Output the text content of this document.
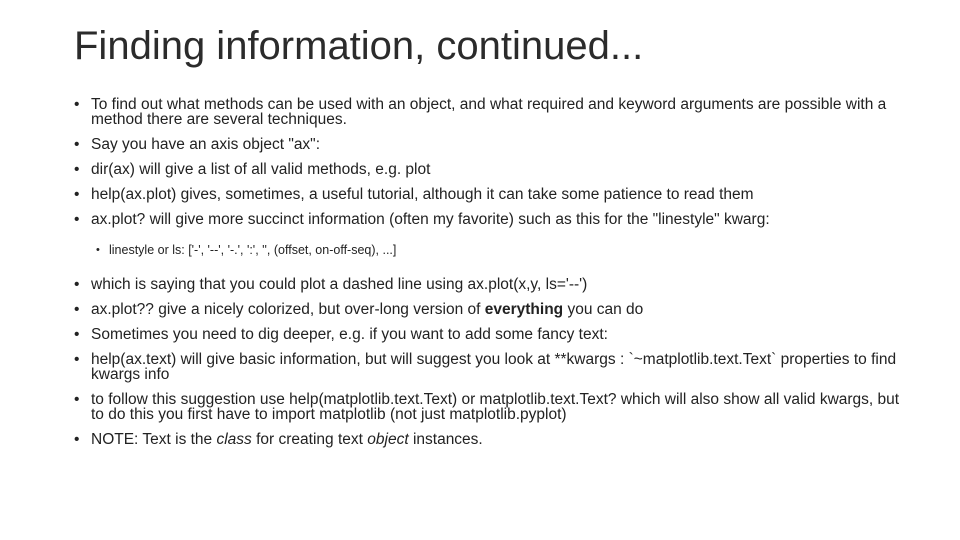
Finding information, continued...
• To find out what methods can be used with an object, and what required and keyword arguments are possible with a method there are several techniques.
• Say you have an axis object "ax":
• dir(ax) will give a list of all valid methods, e.g. plot
• help(ax.plot) gives, sometimes, a useful tutorial, although it can take some patience to read them
• ax.plot? will give more succinct information (often my favorite) such as this for the "linestyle" kwarg:
• linestyle or ls: ['-', '--', '-.', ':', '', (offset, on-off-seq), ...]
• which is saying that you could plot a dashed line using ax.plot(x,y, ls='--')
• ax.plot?? give a nicely colorized, but over-long version of everything you can do
• Sometimes you need to dig deeper, e.g. if you want to add some fancy text:
• help(ax.text) will give basic information, but will suggest you look at **kwargs : `~matplotlib.text.Text` properties to find kwargs info
• to follow this suggestion use help(matplotlib.text.Text) or matplotlib.text.Text? which will also show all valid kwargs, but to do this you first have to import matplotlib (not just matplotlib.pyplot)
• NOTE: Text is the class for creating text object instances.
